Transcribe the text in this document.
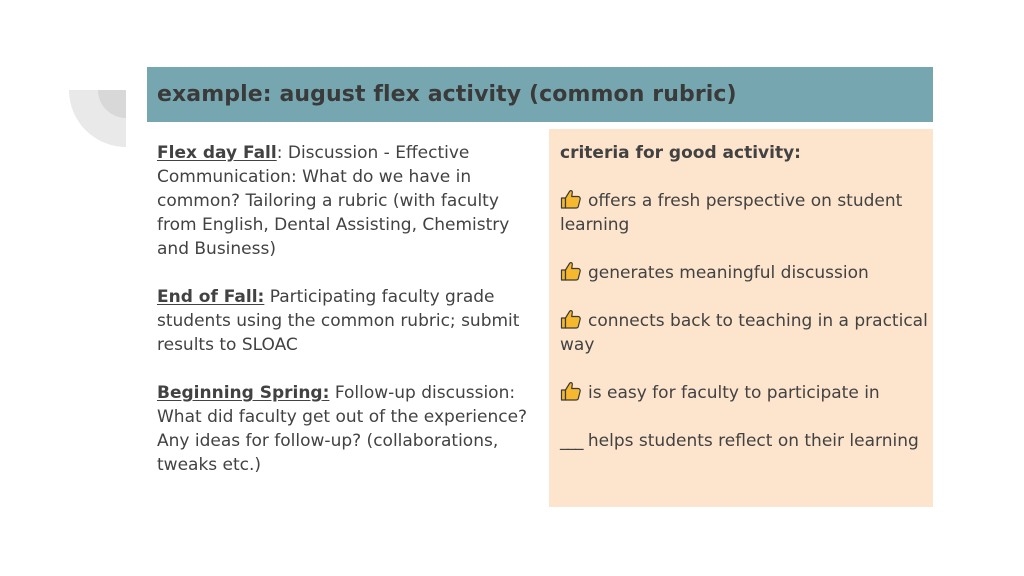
example: august flex activity (common rubric)

Flex day Fall: Discussion - Effective Communication: What do we have in common? Tailoring a rubric (with faculty from English, Dental Assisting, Chemistry and Business)

End of Fall: Participating faculty grade students using the common rubric; submit results to SLOAC

Beginning Spring: Follow-up discussion: What did faculty get out of the experience? Any ideas for follow-up? (collaborations, tweaks etc.)

criteria for good activity:

offers a fresh perspective on student learning

generates meaningful discussion

connects back to teaching in a practical way

is easy for faculty to participate in

___ helps students reflect on their learning
